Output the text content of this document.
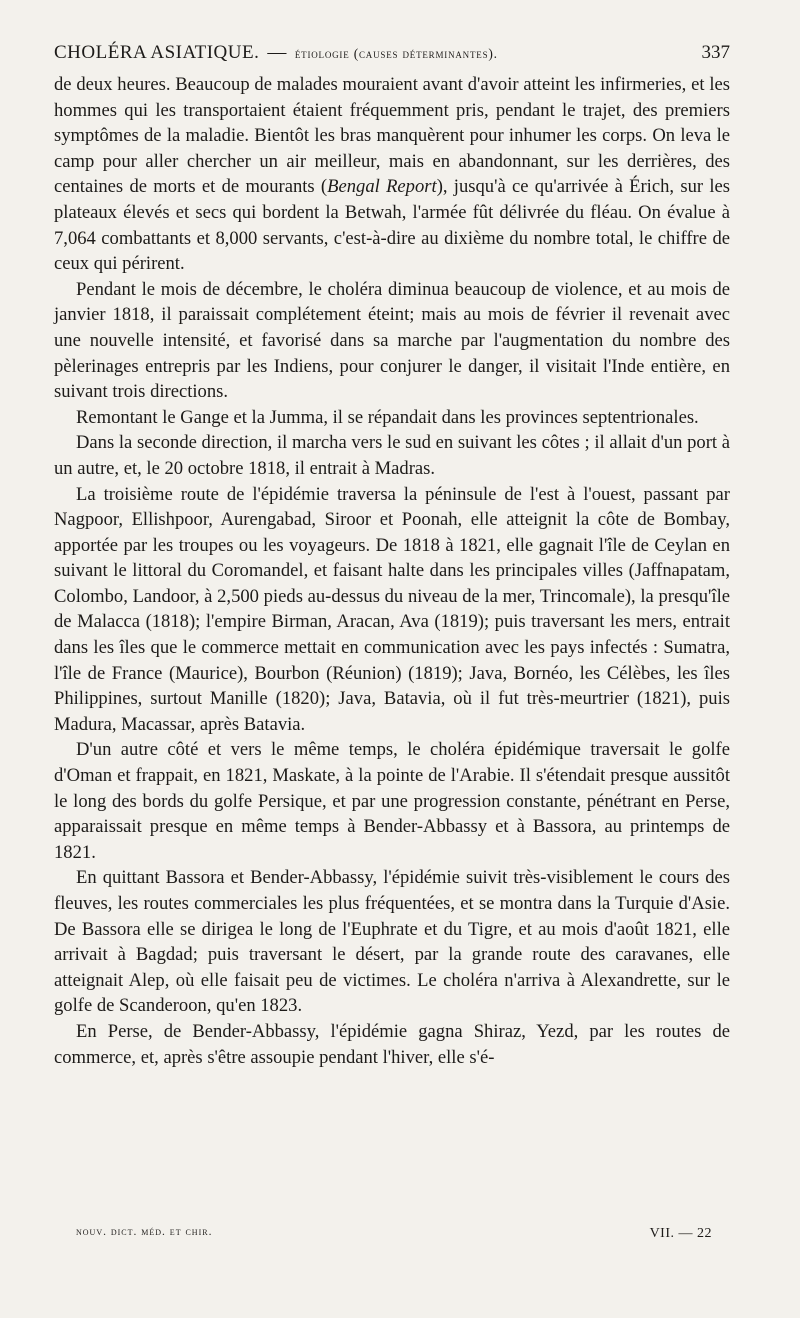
CHOLÉRA ASIATIQUE. — étiologie (causes déterminantes).	337

de deux heures. Beaucoup de malades mouraient avant d'avoir atteint les infirmeries, et les hommes qui les transportaient étaient fréquemment pris, pendant le trajet, des premiers symptômes de la maladie. Bientôt les bras manquèrent pour inhumer les corps. On leva le camp pour aller chercher un air meilleur, mais en abandonnant, sur les derrières, des centaines de morts et de mourants (Bengal Report), jusqu'à ce qu'arrivée à Érich, sur les plateaux élevés et secs qui bordent la Betwah, l'armée fût délivrée du fléau. On évalue à 7,064 combattants et 8,000 servants, c'est-à-dire au dixième du nombre total, le chiffre de ceux qui périrent.

Pendant le mois de décembre, le choléra diminua beaucoup de violence, et au mois de janvier 1818, il paraissait complétement éteint; mais au mois de février il revenait avec une nouvelle intensité, et favorisé dans sa marche par l'augmentation du nombre des pèlerinages entrepris par les Indiens, pour conjurer le danger, il visitait l'Inde entière, en suivant trois directions.

Remontant le Gange et la Jumma, il se répandait dans les provinces septentrionales.

Dans la seconde direction, il marcha vers le sud en suivant les côtes ; il allait d'un port à un autre, et, le 20 octobre 1818, il entrait à Madras.

La troisième route de l'épidémie traversa la péninsule de l'est à l'ouest, passant par Nagpoor, Ellishpoor, Aurengabad, Siroor et Poonah, elle atteignit la côte de Bombay, apportée par les troupes ou les voyageurs. De 1818 à 1821, elle gagnait l'île de Ceylan en suivant le littoral du Coromandel, et faisant halte dans les principales villes (Jaffnapatam, Colombo, Landoor, à 2,500 pieds au-dessus du niveau de la mer, Trincomale), la presqu'île de Malacca (1818); l'empire Birman, Aracan, Ava (1819); puis traversant les mers, entrait dans les îles que le commerce mettait en communication avec les pays infectés : Sumatra, l'île de France (Maurice), Bourbon (Réunion) (1819); Java, Bornéo, les Célèbes, les îles Philippines, surtout Manille (1820); Java, Batavia, où il fut très-meurtrier (1821), puis Madura, Macassar, après Batavia.

D'un autre côté et vers le même temps, le choléra épidémique traversait le golfe d'Oman et frappait, en 1821, Maskate, à la pointe de l'Arabie. Il s'étendait presque aussitôt le long des bords du golfe Persique, et par une progression constante, pénétrant en Perse, apparaissait presque en même temps à Bender-Abbassy et à Bassora, au printemps de 1821.

En quittant Bassora et Bender-Abbassy, l'épidémie suivit très-visiblement le cours des fleuves, les routes commerciales les plus fréquentées, et se montra dans la Turquie d'Asie. De Bassora elle se dirigea le long de l'Euphrate et du Tigre, et au mois d'août 1821, elle arrivait à Bagdad; puis traversant le désert, par la grande route des caravanes, elle atteignait Alep, où elle faisait peu de victimes. Le choléra n'arriva à Alexandrette, sur le golfe de Scanderoon, qu'en 1823.

En Perse, de Bender-Abbassy, l'épidémie gagna Shiraz, Yezd, par les routes de commerce, et, après s'être assoupie pendant l'hiver, elle s'é-

nouv. dict. méd. et chir.	VII. — 22
